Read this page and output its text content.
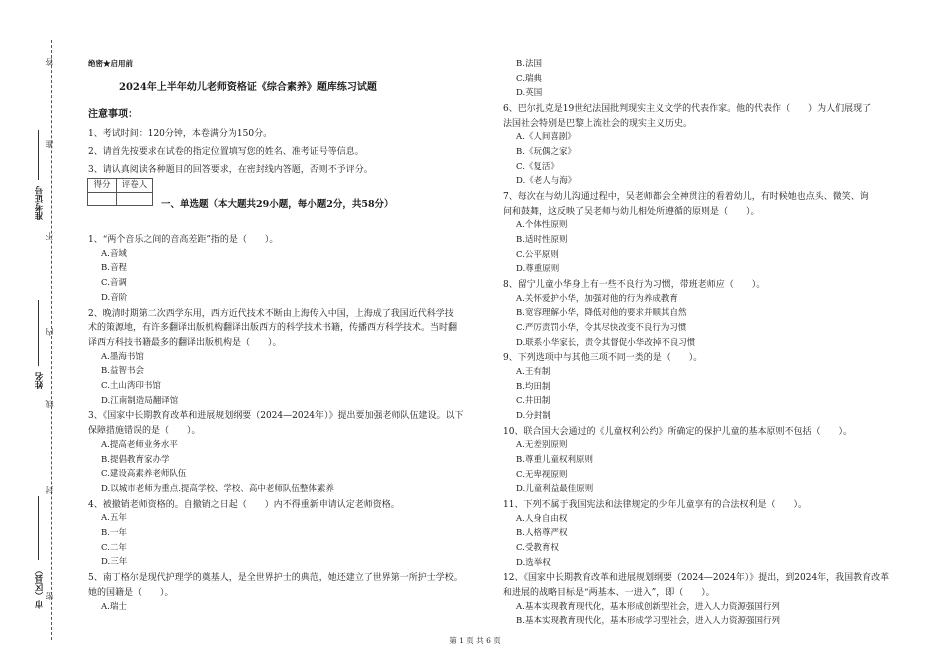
答
准
不
内
线
封
密
准考证号
姓名
市（区县）
绝密★启用前
2024年上半年幼儿老师资格证《综合素养》题库练习试题
注意事项：
1、考试时间：120分钟，本卷满分为150分。
2、请首先按要求在试卷的指定位置填写您的姓名、准考证号等信息。
3、请认真阅读各种题目的回答要求，在密封线内答题，否则不予评分。
得分	评卷人
一、单选题（本大题共29小题，每小题2分，共58分）
1、“两个音乐之间的音高差距”指的是（　　）。
A.音域
B.音程
C.音调
D.音阶
2、晚清时期第二次西学东用，西方近代技术不断由上海传入中国，上海成了我国近代科学技
术的策源地，有许多翻译出版机构翻译出版西方的科学技术书籍，传播西方科学技术。当时翻
译西方科技书籍最多的翻译出版机构是（　　）。
A.墨海书馆
B.益智书会
C.土山湾印书馆
D.江南制造局翻译馆
3、《国家中长期教育改革和进展规划纲要（2024—2024年）》提出要加强老师队伍建设。以下
保障措施错误的是（　　）。
A.提高老师业务水平
B.提倡教育家办学
C.建设高素养老师队伍
D.以城市老师为重点.提高学校、学校、高中老师队伍整体素养
4、被撤销老师资格的。自撤销之日起（　　）内不得重新申请认定老师资格。
A.五年
B.一年
C.二年
D.三年
5、南丁格尔是现代护理学的奠基人，是全世界护士的典范，她还建立了世界第一所护士学校。
她的国籍是（　　）。
A.瑞士
B.法国
C.瑞典
D.英国
6、巴尔扎克是19世纪法国批判现实主义文学的代表作家。他的代表作（　　）为人们展现了
法国社会特别是巴黎上流社会的现实主义历史。
A.《人间喜剧》
B.《玩偶之家》
C.《复活》
D.《老人与海》
7、每次在与幼儿沟通过程中，吴老师都会全神贯注的看着幼儿，有时候她也点头、微笑、询
问和鼓舞，这反映了吴老师与幼儿相处所遵循的原则是（　　）。
A.个体性原则
B.适时性原则
C.公平原则
D.尊重原则
8、留宁儿童小华身上有一些不良行为习惯，带班老师应（　　）。
A.关怀爱护小华，加强对他的行为养成教育
B.宽容理解小华，降低对他的要求并顺其自然
C.严厉责罚小华，令其尽快改变不良行为习惯
D.联系小华家长，责令其督促小华改掉不良习惯
9、下列选项中与其他三项不同一类的是（　　）。
A.王有制
B.均田制
C.井田制
D.分封制
10、联合国大会通过的《儿童权利公约》所确定的保护儿童的基本原则不包括（　　）。
A.无差别原则
B.尊重儿童权利原则
C.无卑视原则
D.儿童利益最佳原则
11、下列不属于我国宪法和法律规定的少年儿童享有的合法权利是（　　）。
A.人身自由权
B.人格尊严权
C.受教育权
D.选举权
12、《国家中长期教育改革和进展规划纲要（2024—2024年）》提出，到2024年，我国教育改革
和进展的战略目标是“两基本、一进入”，即（　　）。
A.基本实现教育现代化，基本形成创新型社会，进入人力资源强国行列
B.基本实现教育现代化，基本形成学习型社会，进入人力资源强国行列
第 1 页 共 6 页
